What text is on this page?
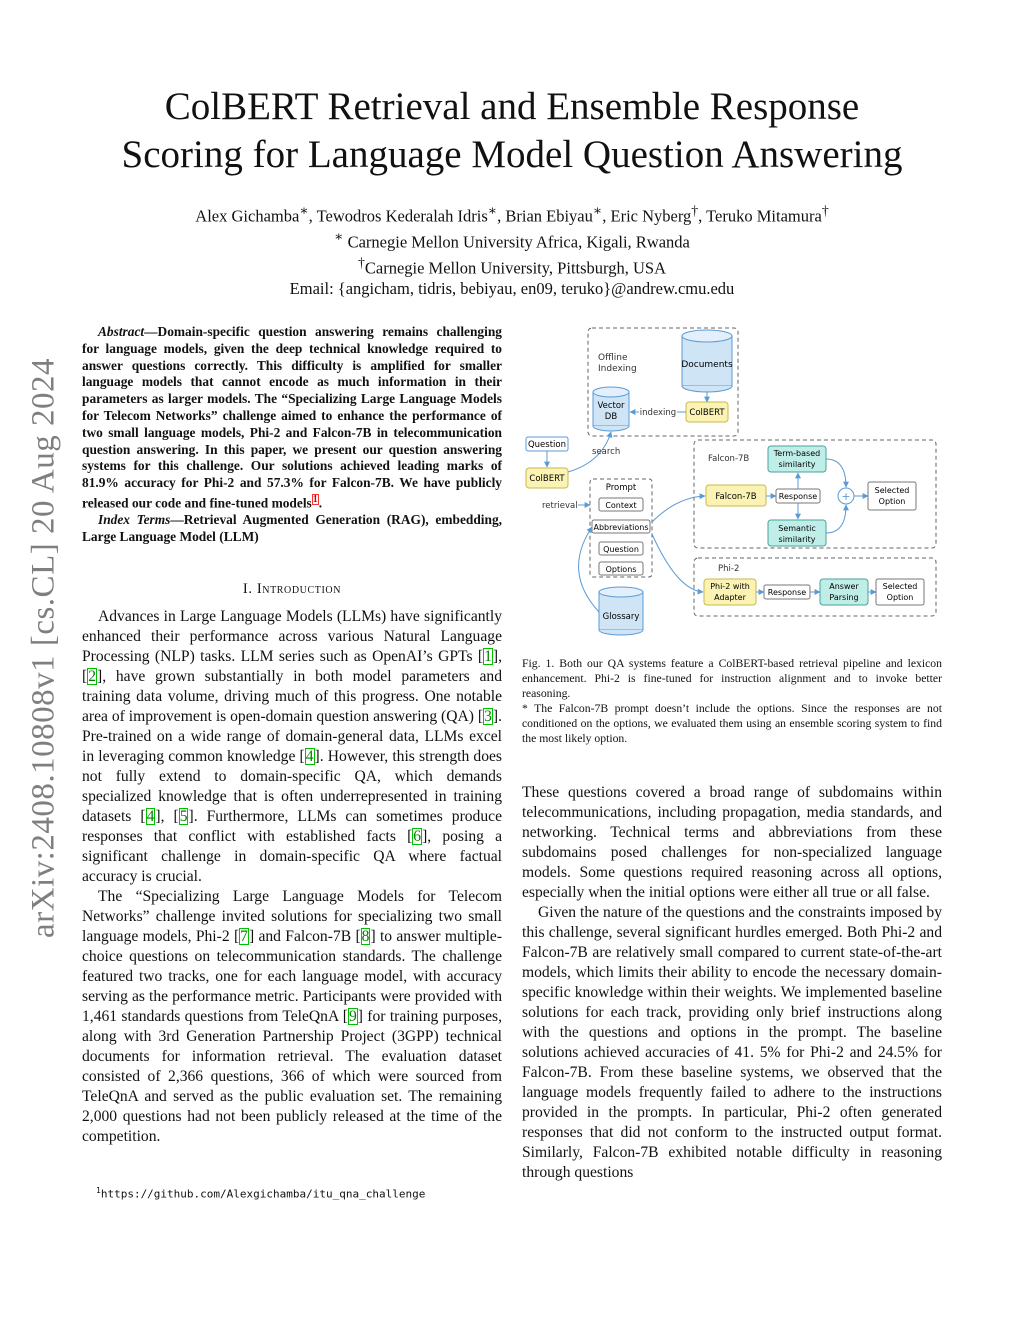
arXiv:2408.10808v1 [cs.CL] 20 Aug 2024
ColBERT Retrieval and Ensemble Response
Scoring for Language Model Question Answering
Alex Gichamba∗, Tewodros Kederalah Idris∗, Brian Ebiyau∗, Eric Nyberg†, Teruko Mitamura†
∗ Carnegie Mellon University Africa, Kigali, Rwanda
†Carnegie Mellon University, Pittsburgh, USA
Email: {angicham, tidris, bebiyau, en09, teruko}@andrew.cmu.edu

Abstract—Domain-specific question answering remains challenging for language models, given the deep technical knowledge required to answer questions correctly. This difficulty is amplified for smaller language models that cannot encode as much information in their parameters as larger models. The “Specializing Large Language Models for Telecom Networks” challenge aimed to enhance the performance of two small language models, Phi-2 and Falcon-7B in telecommunication question answering. In this paper, we present our question answering systems for this challenge. Our solutions achieved leading marks of 81.9% accuracy for Phi-2 and 57.3% for Falcon-7B. We have publicly released our code and fine-tuned models$^1$.

Index Terms—Retrieval Augmented Generation (RAG), embedding, Large Language Model (LLM)

I. Introduction

Advances in Large Language Models (LLMs) have significantly enhanced their performance across various Natural Language Processing (NLP) tasks. LLM series such as OpenAI’s GPTs [1], [2], have grown substantially in both model parameters and training data volume, driving much of this progress. One notable area of improvement is open-domain question answering (QA) [3]. Pre-trained on a wide range of domain-general data, LLMs excel in leveraging common knowledge [4]. However, this strength does not fully extend to domain-specific QA, which demands specialized knowledge that is often underrepresented in training datasets [4], [5]. Furthermore, LLMs can sometimes produce responses that conflict with established facts [6], posing a significant challenge in domain-specific QA where factual accuracy is crucial.

The “Specializing Large Language Models for Telecom Networks” challenge invited solutions for specializing two small language models, Phi-2 [7] and Falcon-7B [8] to answer multiple-choice questions on telecommunication standards. The challenge featured two tracks, one for each language model, with accuracy serving as the performance metric. Participants were provided with 1,461 standards questions from TeleQnA [9] for training purposes, along with 3rd Generation Partnership Project (3GPP) technical documents for information retrieval. The evaluation dataset consisted of 2,366 questions, 366 of which were sourced from TeleQnA and served as the public evaluation set. The remaining 2,000 questions had not been publicly released at the time of the competition.

$^1$https://github.com/Alexgichamba/itu_qna_challenge
Offline
Indexing	Documents
Vector
DB	ColBERT
indexing
Question
ColBERT
search
retrieval
Prompt
Context
Abbreviations
Question
Options
Glossary
Falcon-7B
Falcon-7B	Response
Term-based
similarity
Semantic
similarity
+	Selected
Option
Phi-2
Phi-2 with
Adapter
Response
Answer
Parsing
Selected
Option

Fig. 1. Both our QA systems feature a ColBERT-based retrieval pipeline and lexicon enhancement. Phi-2 is fine-tuned for instruction alignment and to invoke better reasoning.

* The Falcon-7B prompt doesn’t include the options. Since the responses are not conditioned on the options, we evaluated them using an ensemble scoring system to find the most likely option.

These questions covered a broad range of subdomains within telecommunications, including propagation, media standards, and networking. Technical terms and abbreviations from these subdomains posed challenges for non-specialized language models. Some questions required reasoning across all options, especially when the initial options were either all true or all false.

Given the nature of the questions and the constraints imposed by this challenge, several significant hurdles emerged. Both Phi-2 and Falcon-7B are relatively small compared to current state-of-the-art models, which limits their ability to encode the necessary domain-specific knowledge within their weights. We implemented baseline solutions for each track, providing only brief instructions along with the questions and options in the prompt. The baseline solutions achieved accuracies of 41. 5% for Phi-2 and 24.5% for Falcon-7B. From these baseline systems, we observed that the language models frequently failed to adhere to the instructions provided in the prompts. In particular, Phi-2 often generated responses that did not conform to the instructed output format. Similarly, Falcon-7B exhibited notable difficulty in reasoning through questions
